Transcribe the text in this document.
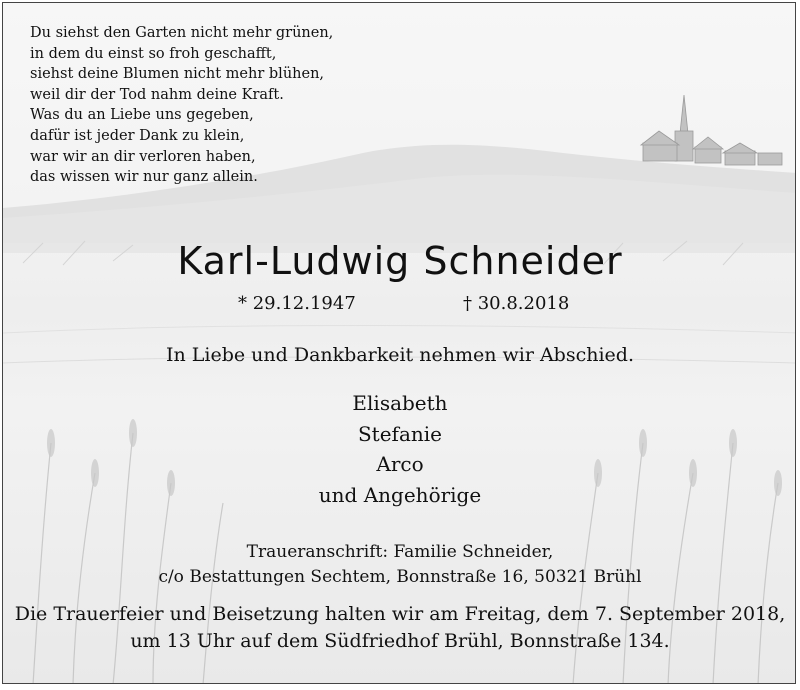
Du siehst den Garten nicht mehr grünen,
in dem du einst so froh geschafft,
siehst deine Blumen nicht mehr blühen,
weil dir der Tod nahm deine Kraft.
Was du an Liebe uns gegeben,
dafür ist jeder Dank zu klein,
war wir an dir verloren haben,
das wissen wir nur ganz allein.
Karl-Ludwig Schneider
* 29.12.1947	† 30.8.2018
In Liebe und Dankbarkeit nehmen wir Abschied.
Elisabeth
Stefanie
Arco
und Angehörige
Traueranschrift: Familie Schneider,
c/o Bestattungen Sechtem, Bonnstraße 16, 50321 Brühl
Die Trauerfeier und Beisetzung halten wir am Freitag, dem 7. September 2018,
um 13 Uhr auf dem Südfriedhof Brühl, Bonnstraße 134.
